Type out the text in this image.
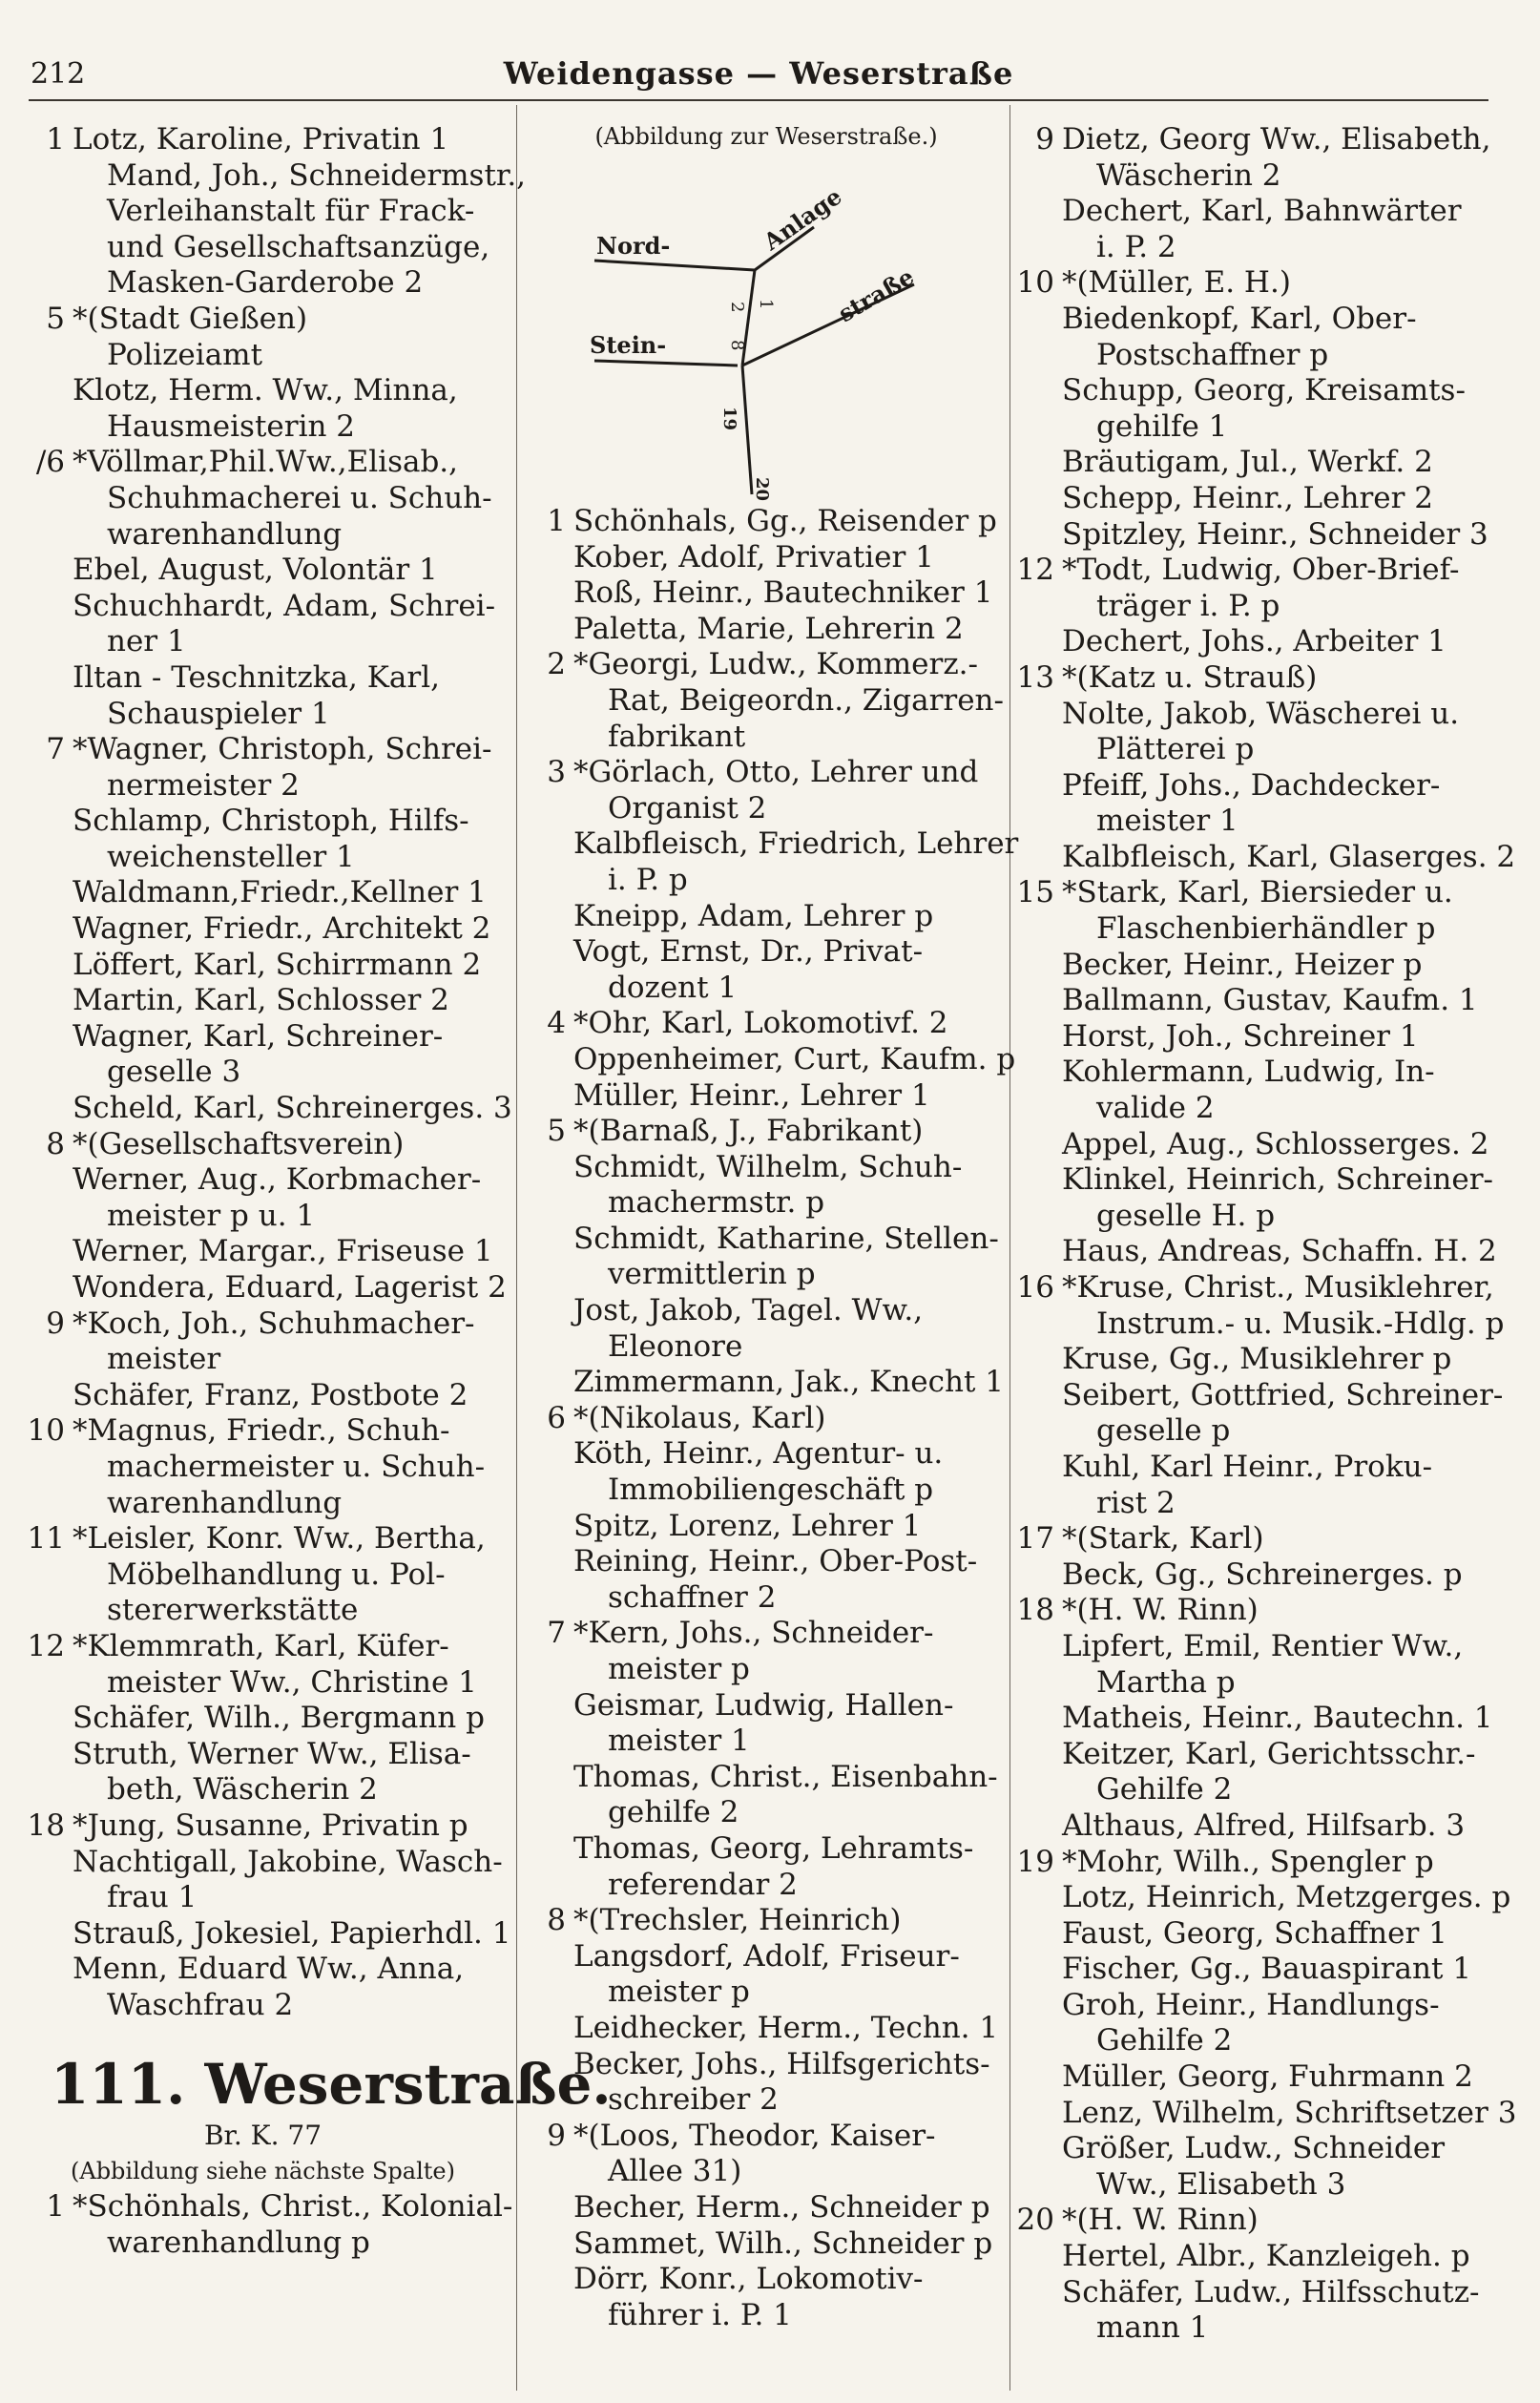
212	Weidengasse — Weserstraße
1 Lotz, Karoline, Privatin 1
Mand, Joh., Schneidermstr.,
Verleihanstalt für Frack-
und Gesellschaftsanzüge,
Masken-Garderobe 2
5 *(Stadt Gießen)
Polizeiamt
Klotz, Herm. Ww., Minna,
Hausmeisterin 2
/6 *Völlmar,Phil.Ww.,Elisab.,
Schuhmacherei u. Schuh-
warenhandlung
Ebel, August, Volontär 1
Schuchhardt, Adam, Schrei-
ner 1
Iltan - Teschnitzka, Karl,
Schauspieler 1
7 *Wagner, Christoph, Schrei-
nermeister 2
Schlamp, Christoph, Hilfs-
weichensteller 1
Waldmann,Friedr.,Kellner 1
Wagner, Friedr., Architekt 2
Löffert, Karl, Schirrmann 2
Martin, Karl, Schlosser 2
Wagner, Karl, Schreiner-
geselle 3
Scheld, Karl, Schreinerges. 3
8 *(Gesellschaftsverein)
Werner, Aug., Korbmacher-
meister p u. 1
Werner, Margar., Friseuse 1
Wondera, Eduard, Lagerist 2
9 *Koch, Joh., Schuhmacher-
meister
Schäfer, Franz, Postbote 2
10 *Magnus, Friedr., Schuh-
machermeister u. Schuh-
warenhandlung
11 *Leisler, Konr. Ww., Bertha,
Möbelhandlung u. Pol-
stererwerkstätte
12 *Klemmrath, Karl, Küfer-
meister Ww., Christine 1
Schäfer, Wilh., Bergmann p
Struth, Werner Ww., Elisa-
beth, Wäscherin 2
18 *Jung, Susanne, Privatin p
Nachtigall, Jakobine, Wasch-
frau 1
Strauß, Jokesiel, Papierhdl. 1
Menn, Eduard Ww., Anna,
Waschfrau 2
111. Weserstraße.
Br. K. 77
(Abbildung siehe nächste Spalte)
1 *Schönhals, Christ., Kolonial-
warenhandlung p
(Abbildung zur Weserstraße.)
Nord-	Anlage
Stein-
straße
2 1
8
19
20
1 Schönhals, Gg., Reisender p
Kober, Adolf, Privatier 1
Roß, Heinr., Bautechniker 1
Paletta, Marie, Lehrerin 2
2 *Georgi, Ludw., Kommerz.-
Rat, Beigeordn., Zigarren-
fabrikant
3 *Görlach, Otto, Lehrer und
Organist 2
Kalbfleisch, Friedrich, Lehrer
i. P. p
Kneipp, Adam, Lehrer p
Vogt, Ernst, Dr., Privat-
dozent 1
4 *Ohr, Karl, Lokomotivf. 2
Oppenheimer, Curt, Kaufm. p
Müller, Heinr., Lehrer 1
5 *(Barnaß, J., Fabrikant)
Schmidt, Wilhelm, Schuh-
machermstr. p
Schmidt, Katharine, Stellen-
vermittlerin p
Jost, Jakob, Tagel. Ww.,
Eleonore
Zimmermann, Jak., Knecht 1
6 *(Nikolaus, Karl)
Köth, Heinr., Agentur- u.
Immobiliengeschäft p
Spitz, Lorenz, Lehrer 1
Reining, Heinr., Ober-Post-
schaffner 2
7 *Kern, Johs., Schneider-
meister p
Geismar, Ludwig, Hallen-
meister 1
Thomas, Christ., Eisenbahn-
gehilfe 2
Thomas, Georg, Lehramts-
referendar 2
8 *(Trechsler, Heinrich)
Langsdorf, Adolf, Friseur-
meister p
Leidhecker, Herm., Techn. 1
Becker, Johs., Hilfsgerichts-
schreiber 2
9 *(Loos, Theodor, Kaiser-
Allee 31)
Becher, Herm., Schneider p
Sammet, Wilh., Schneider p
Dörr, Konr., Lokomotiv-
führer i. P. 1
9 Dietz, Georg Ww., Elisabeth,
Wäscherin 2
Dechert, Karl, Bahnwärter
i. P. 2
10 *(Müller, E. H.)
Biedenkopf, Karl, Ober-
Postschaffner p
Schupp, Georg, Kreisamts-
gehilfe 1
Bräutigam, Jul., Werkf. 2
Schepp, Heinr., Lehrer 2
Spitzley, Heinr., Schneider 3
12 *Todt, Ludwig, Ober-Brief-
träger i. P. p
Dechert, Johs., Arbeiter 1
13 *(Katz u. Strauß)
Nolte, Jakob, Wäscherei u.
Plätterei p
Pfeiff, Johs., Dachdecker-
meister 1
Kalbfleisch, Karl, Glaserges. 2
15 *Stark, Karl, Biersieder u.
Flaschenbierhändler p
Becker, Heinr., Heizer p
Ballmann, Gustav, Kaufm. 1
Horst, Joh., Schreiner 1
Kohlermann, Ludwig, In-
valide 2
Appel, Aug., Schlosserges. 2
Klinkel, Heinrich, Schreiner-
geselle H. p
Haus, Andreas, Schaffn. H. 2
16 *Kruse, Christ., Musiklehrer,
Instrum.- u. Musik.-Hdlg. p
Kruse, Gg., Musiklehrer p
Seibert, Gottfried, Schreiner-
geselle p
Kuhl, Karl Heinr., Proku-
rist 2
17 *(Stark, Karl)
Beck, Gg., Schreinerges. p
18 *(H. W. Rinn)
Lipfert, Emil, Rentier Ww.,
Martha p
Matheis, Heinr., Bautechn. 1
Keitzer, Karl, Gerichtsschr.-
Gehilfe 2
Althaus, Alfred, Hilfsarb. 3
19 *Mohr, Wilh., Spengler p
Lotz, Heinrich, Metzgerges. p
Faust, Georg, Schaffner 1
Fischer, Gg., Bauaspirant 1
Groh, Heinr., Handlungs-
Gehilfe 2
Müller, Georg, Fuhrmann 2
Lenz, Wilhelm, Schriftsetzer 3
Größer, Ludw., Schneider
Ww., Elisabeth 3
20 *(H. W. Rinn)
Hertel, Albr., Kanzleigeh. p
Schäfer, Ludw., Hilfsschutz-
mann 1
